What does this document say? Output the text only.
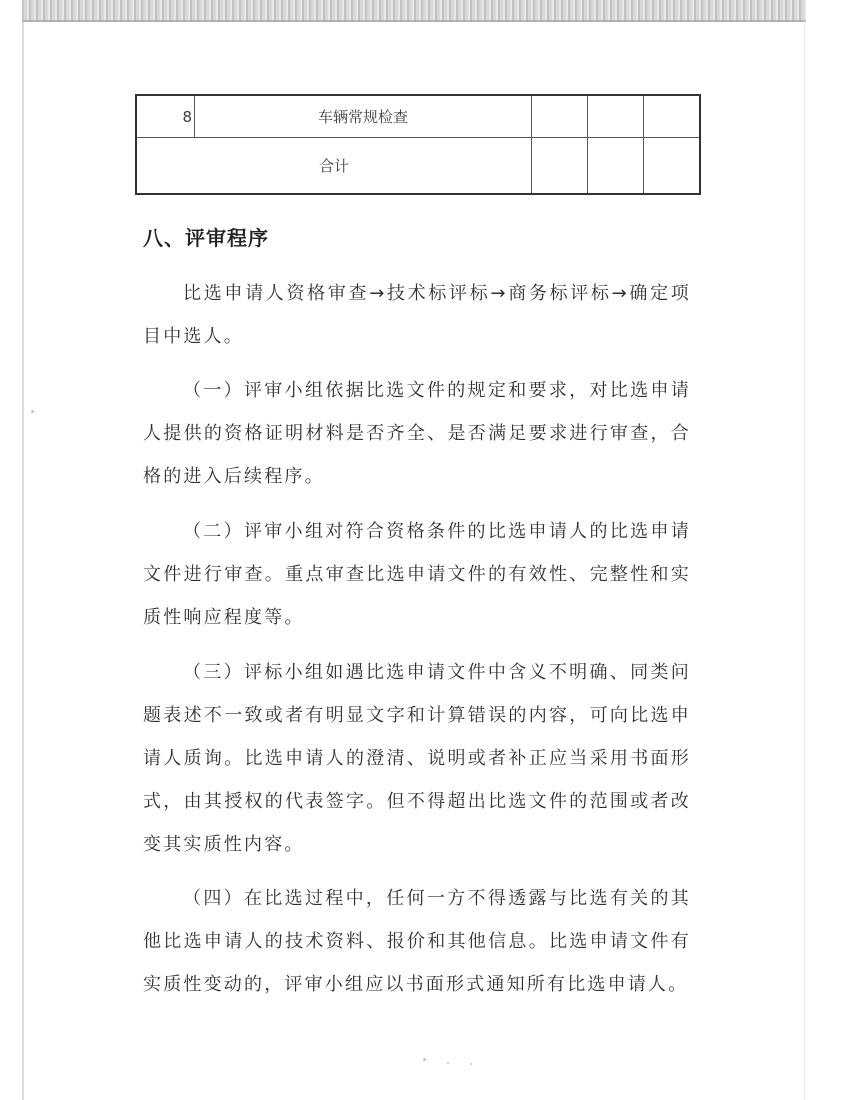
8	车辆常规检查			
合计				
八、评审程序

比选申请人资格审查→技术标评标→商务标评标→确定项目中选人。

（一）评审小组依据比选文件的规定和要求，对比选申请人提供的资格证明材料是否齐全、是否满足要求进行审查，合格的进入后续程序。

（二）评审小组对符合资格条件的比选申请人的比选申请文件进行审查。重点审查比选申请文件的有效性、完整性和实质性响应程度等。

（三）评标小组如遇比选申请文件中含义不明确、同类问题表述不一致或者有明显文字和计算错误的内容，可向比选申请人质询。比选申请人的澄清、说明或者补正应当采用书面形式，由其授权的代表签字。但不得超出比选文件的范围或者改变其实质性内容。

（四）在比选过程中，任何一方不得透露与比选有关的其他比选申请人的技术资料、报价和其他信息。比选申请文件有实质性变动的，评审小组应以书面形式通知所有比选申请人。
